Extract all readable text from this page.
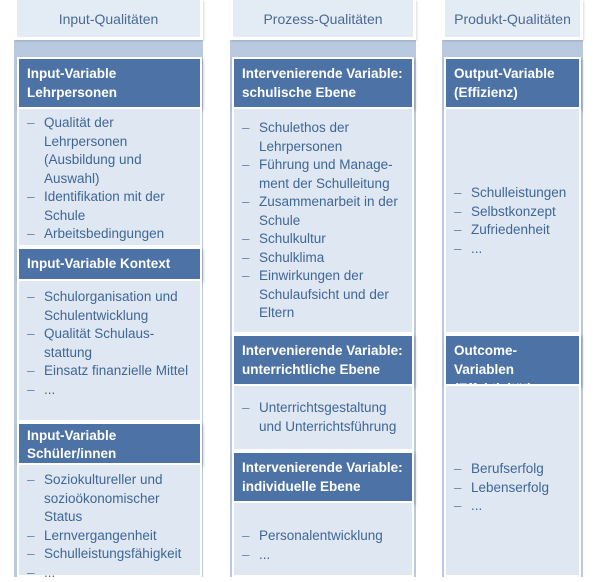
Input-Qualitäten	Prozess-Qualitäten	Produkt-Qualitäten
Input-Variable Lehrpersonen
– Qualität der Lehrpersonen (Ausbildung und Auswahl)
– Identifikation mit der Schule
– Arbeitsbedingungen
Input-Variable Kontext
– Schulorganisation und Schulentwicklung
– Qualität Schulaus-stattung
– Einsatz finanzielle Mittel
– ...
Input-Variable Schüler/innen
– Soziokultureller und sozioökonomischer Status
– Lernvergangenheit
– Schulleistungsfähigkeit
– ...
Intervenierende Variable: schulische Ebene
– Schulethos der Lehrpersonen
– Führung und Manage-ment der Schulleitung
– Zusammenarbeit in der Schule
– Schulkultur
– Schulklima
– Einwirkungen der Schulaufsicht und der Eltern
Intervenierende Variable: unterrichtliche Ebene
– Unterrichtsgestaltung und Unterrichtsführung
Intervenierende Variable: individuelle Ebene
– Personalentwicklung
– ...
Output-Variable (Effizienz)
– Schulleistungen
– Selbstkonzept
– Zufriedenheit
– ...
Outcome-Variablen
– Berufserfolg
– Lebenserfolg
– ...
